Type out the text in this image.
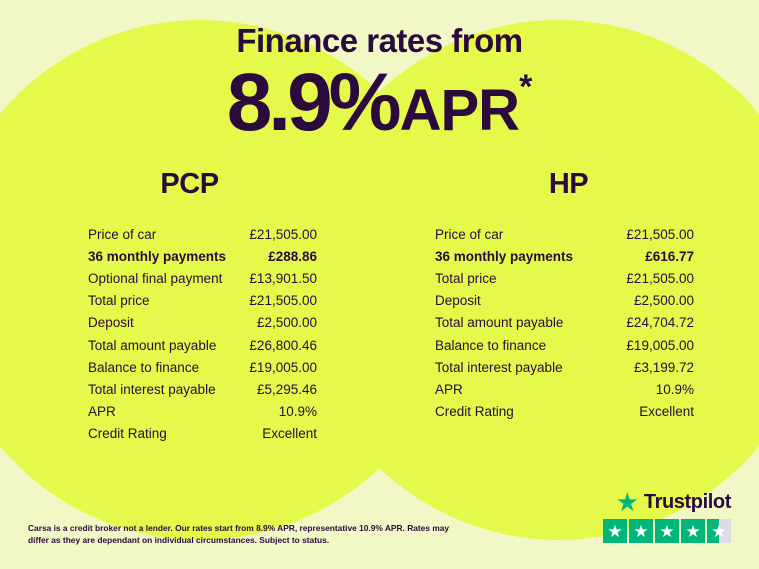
Finance rates from
8.9%APR*
PCP
Price of car	£21,505.00
36 monthly payments	£288.86
Optional final payment £13,901.50
Total price	£21,505.00
Deposit	£2,500.00
Total amount payable £26,800.46
Balance to finance	£19,005.00
Total interest payable	£5,295.46
APR	10.9%
Credit Rating	Excellent
HP
Price of car	£21,505.00
36 monthly payments	£616.77
Total price	£21,505.00
Deposit	£2,500.00
Total amount payable	£24,704.72
Balance to finance	£19,005.00
Total interest payable	£3,199.72
APR	10.9%
Credit Rating	Excellent
Carsa is a credit broker not a lender. Our rates start from 8.9% APR, representative 10.9% APR. Rates may differ as they are dependant on individual circumstances. Subject to status.
★ Trustpilot
★ ★ ★ ★ ★
